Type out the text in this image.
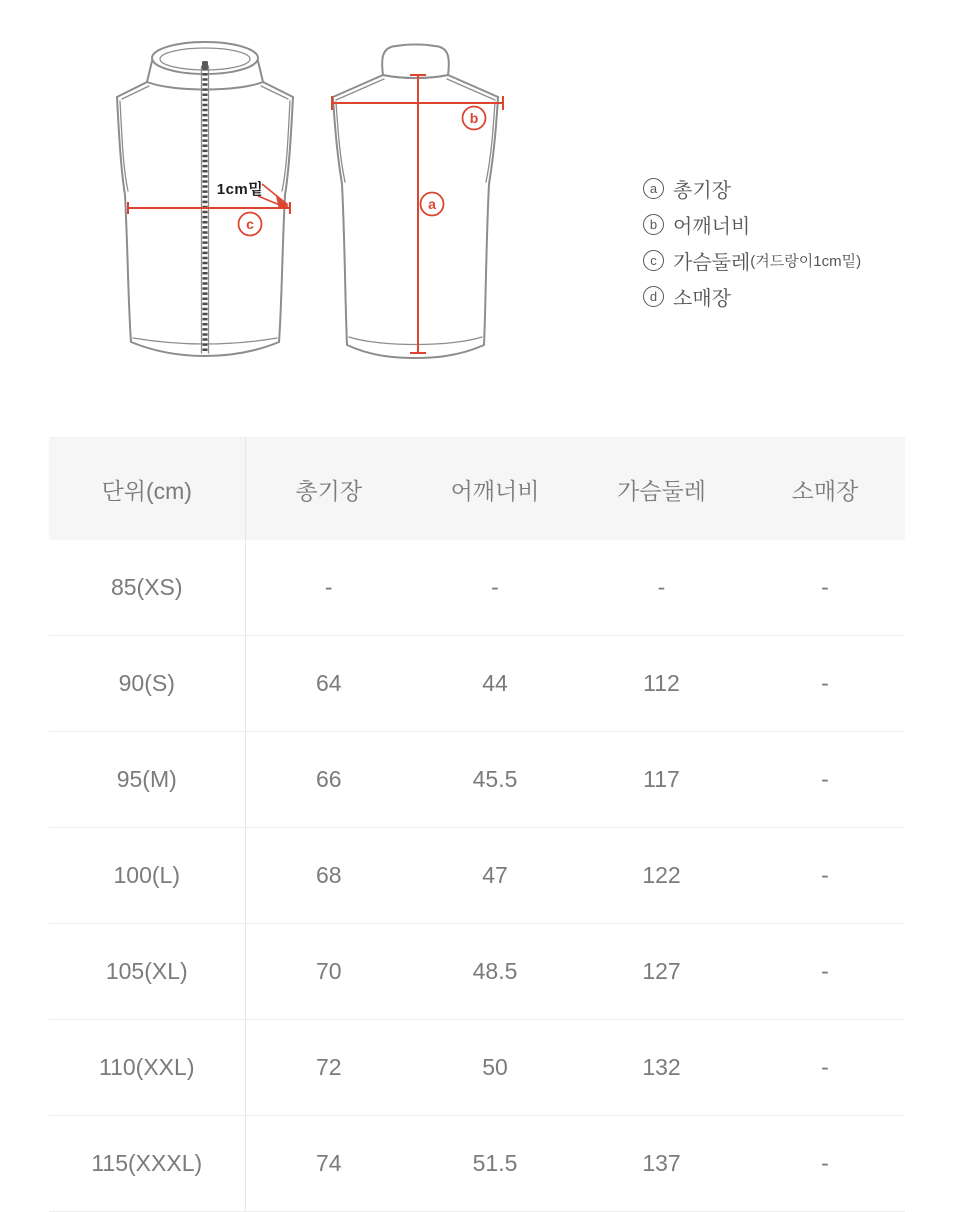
1cm밑
c
b
a
a 총기장
b 어깨너비
c 가슴둘레 (겨드랑이1cm밑)
d 소매장
단위(cm)	총기장	어깨너비	가슴둘레	소매장
85(XS)	-	-	-	-
90(S)	64	44	112	-
95(M)	66	45.5	117	-
100(L)	68	47	122	-
105(XL)	70	48.5	127	-
110(XXL)	72	50	132	-
115(XXXL)	74	51.5	137	-
